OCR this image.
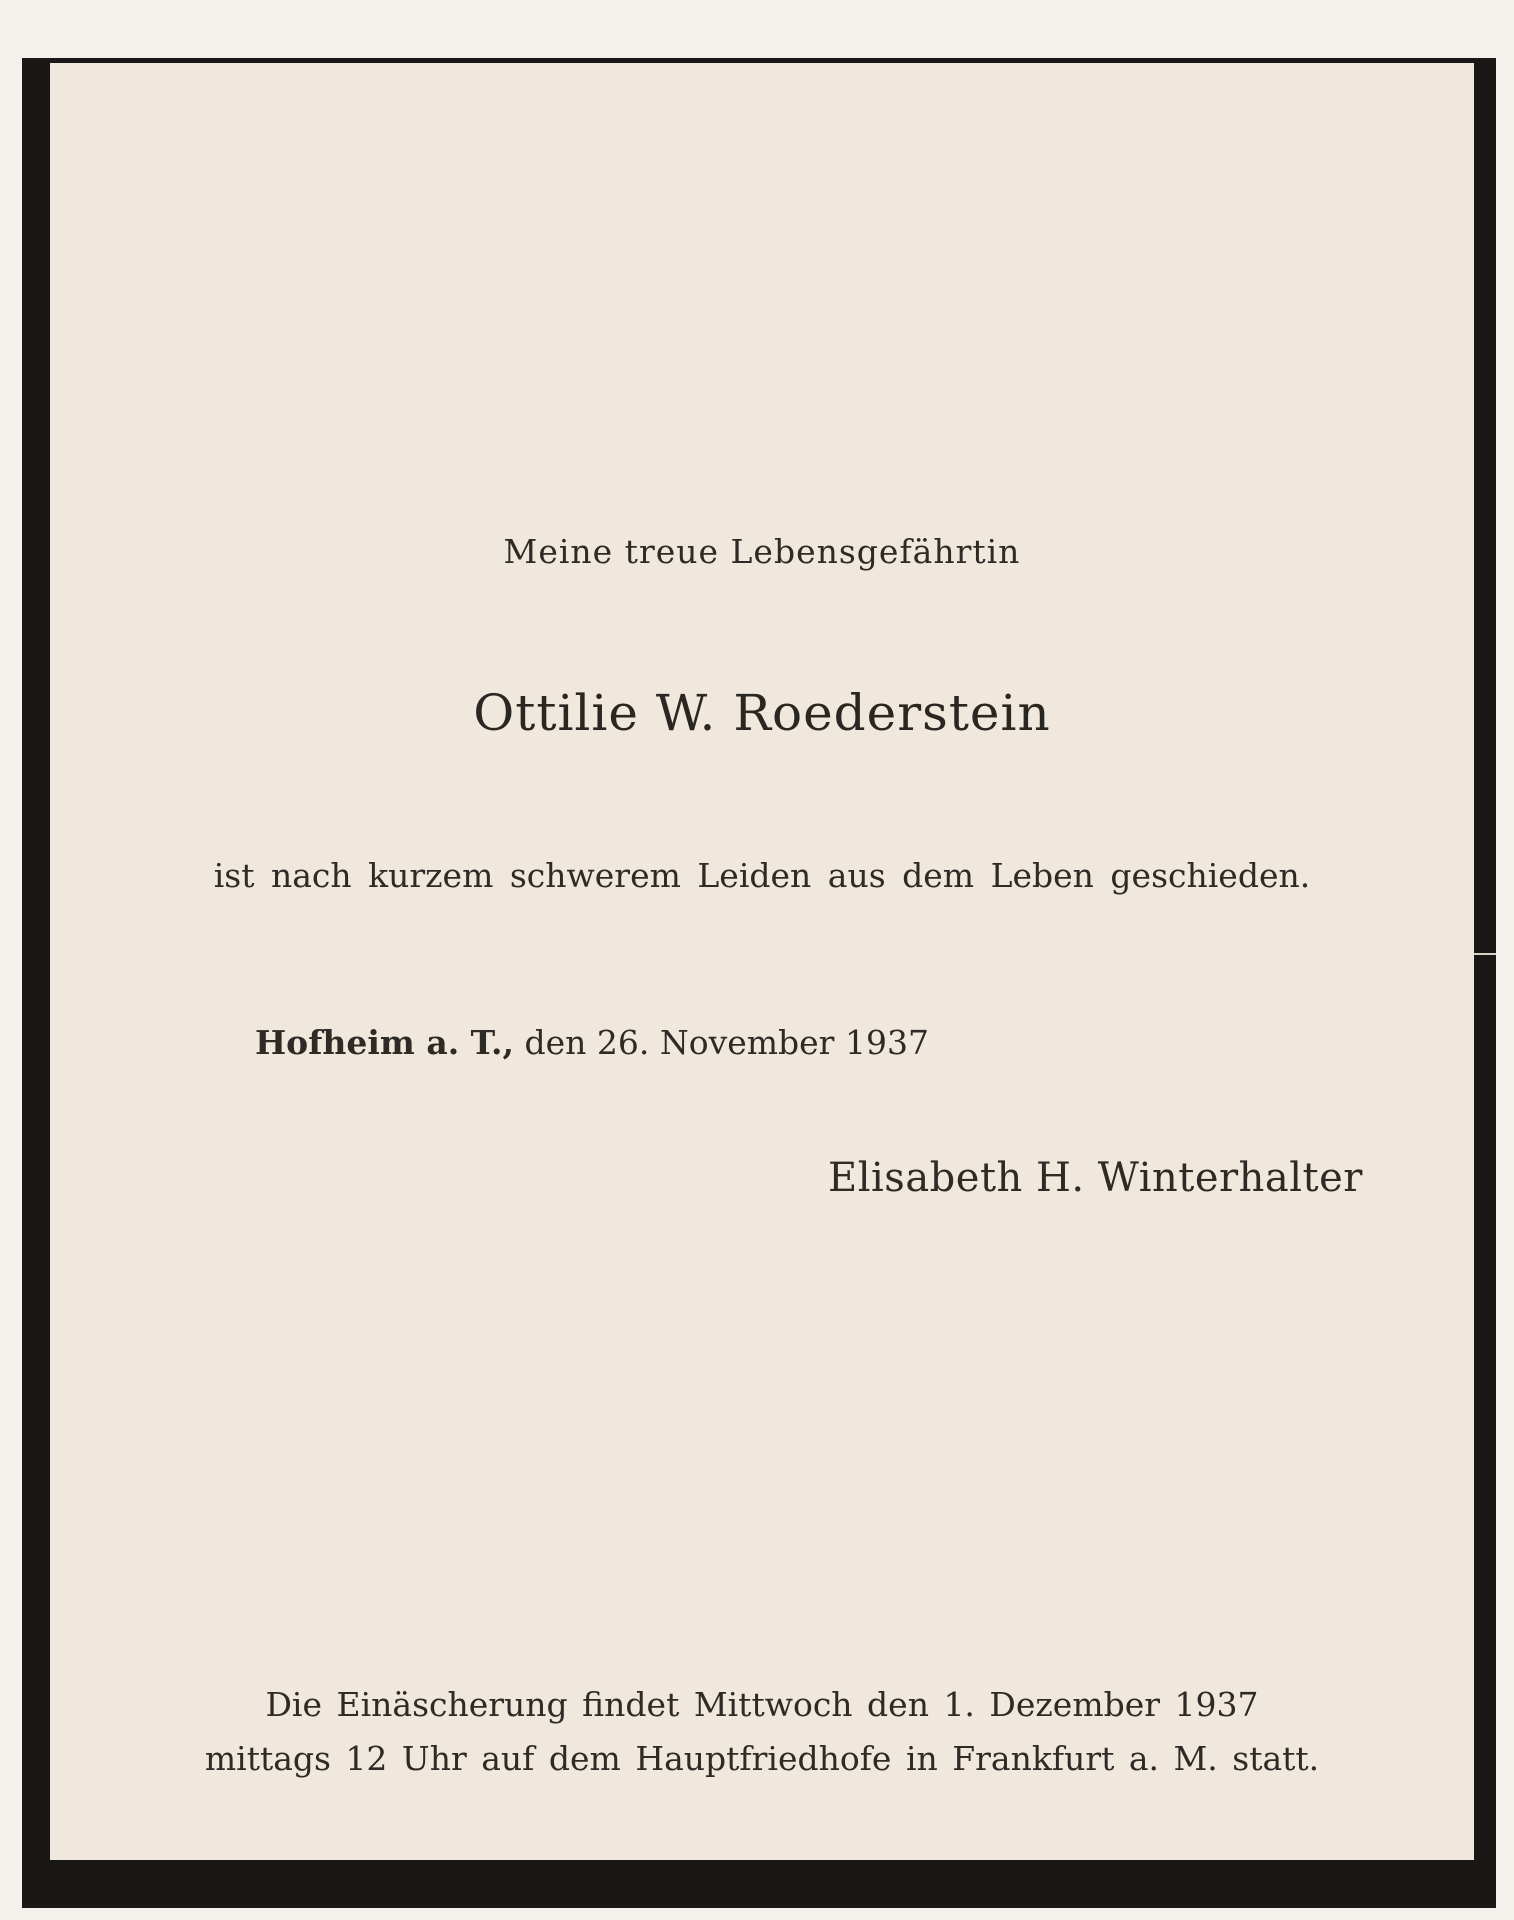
Meine treue Lebensgefährtin
Ottilie W. Roederstein
ist nach kurzem schwerem Leiden aus dem Leben geschieden.
Hofheim a. T., den 26. November 1937
Elisabeth H. Winterhalter
Die Einäscherung findet Mittwoch den 1. Dezember 1937
mittags 12 Uhr auf dem Hauptfriedhofe in Frankfurt a. M. statt.
